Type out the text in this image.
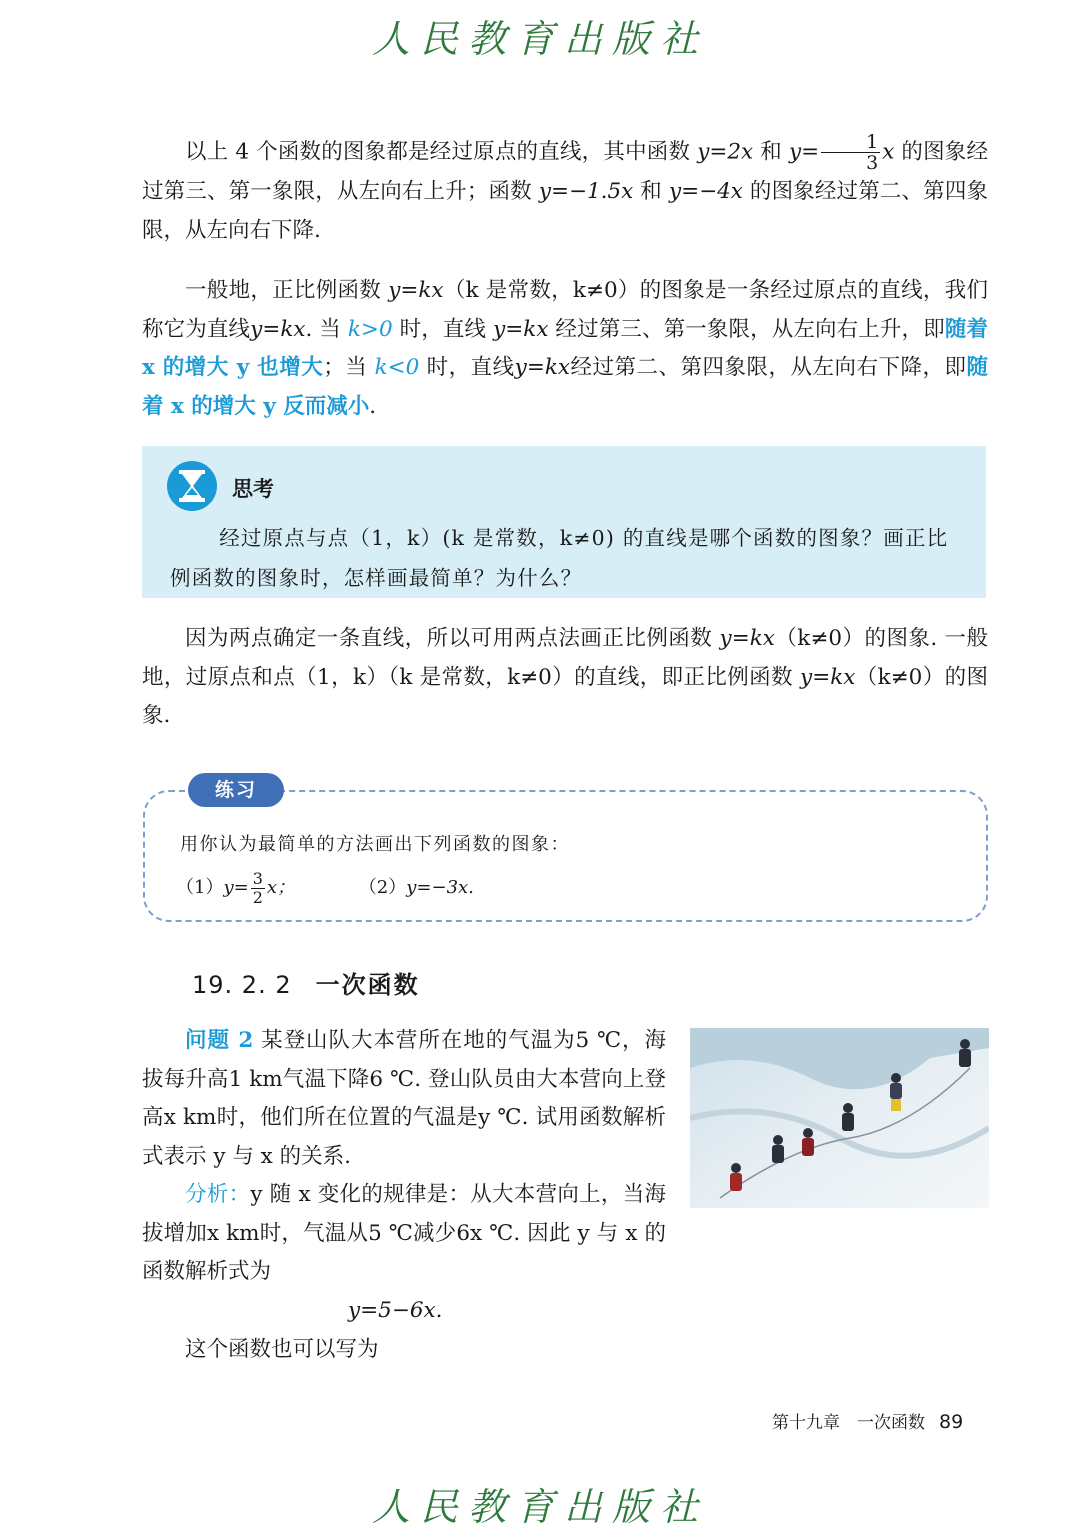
人民教育出版社
以上 4 个函数的图象都是经过原点的直线，其中函数 y=2x 和 $y= \frac{1}{3}$ x 的图象经过第三、第一象限，从左向右上升；函数 y=−1.5x 和 y=−4x 的图象经过第二、第四象限，从左向右下降.
一般地，正比例函数 y=kx（k 是常数，k≠0）的图象是一条经过原点的直线，我们称它为直线y=kx. 当 k>0 时，直线 y=kx 经过第三、第一象限，从左向右上升，即随着 x 的增大 y 也增大；当 k<0 时，直线y=kx经过第二、第四象限，从左向右下降，即随着 x 的增大 y 反而减小.
思考
经过原点与点（1，k）(k 是常数，k≠0) 的直线是哪个函数的图象？画正比例函数的图象时，怎样画最简单？为什么？
因为两点确定一条直线，所以可用两点法画正比例函数 y=kx（k≠0）的图象. 一般地，过原点和点（1，k）（k 是常数，k≠0）的直线，即正比例函数 y=kx（k≠0）的图象.
练习
用你认为最简单的方法画出下列函数的图象：
$(1)y= \frac{3}{2}$ x；	（2）y=−3x.
19. 2. 2 一次函数
问题 2 某登山队大本营所在地的气温为5 ℃，海拔每升高1 km气温下降6 ℃. 登山队员由大本营向上登高x km时，他们所在位置的气温是y ℃. 试用函数解析式表示 y 与 x 的关系.
分析：y 随 x 变化的规律是：从大本营向上，当海拔增加x km时，气温从5 ℃减少6x ℃. 因此 y 与 x 的函数解析式为
y=5−6x.
这个函数也可以写为
第十九章　一次函数 89
人民教育出版社
